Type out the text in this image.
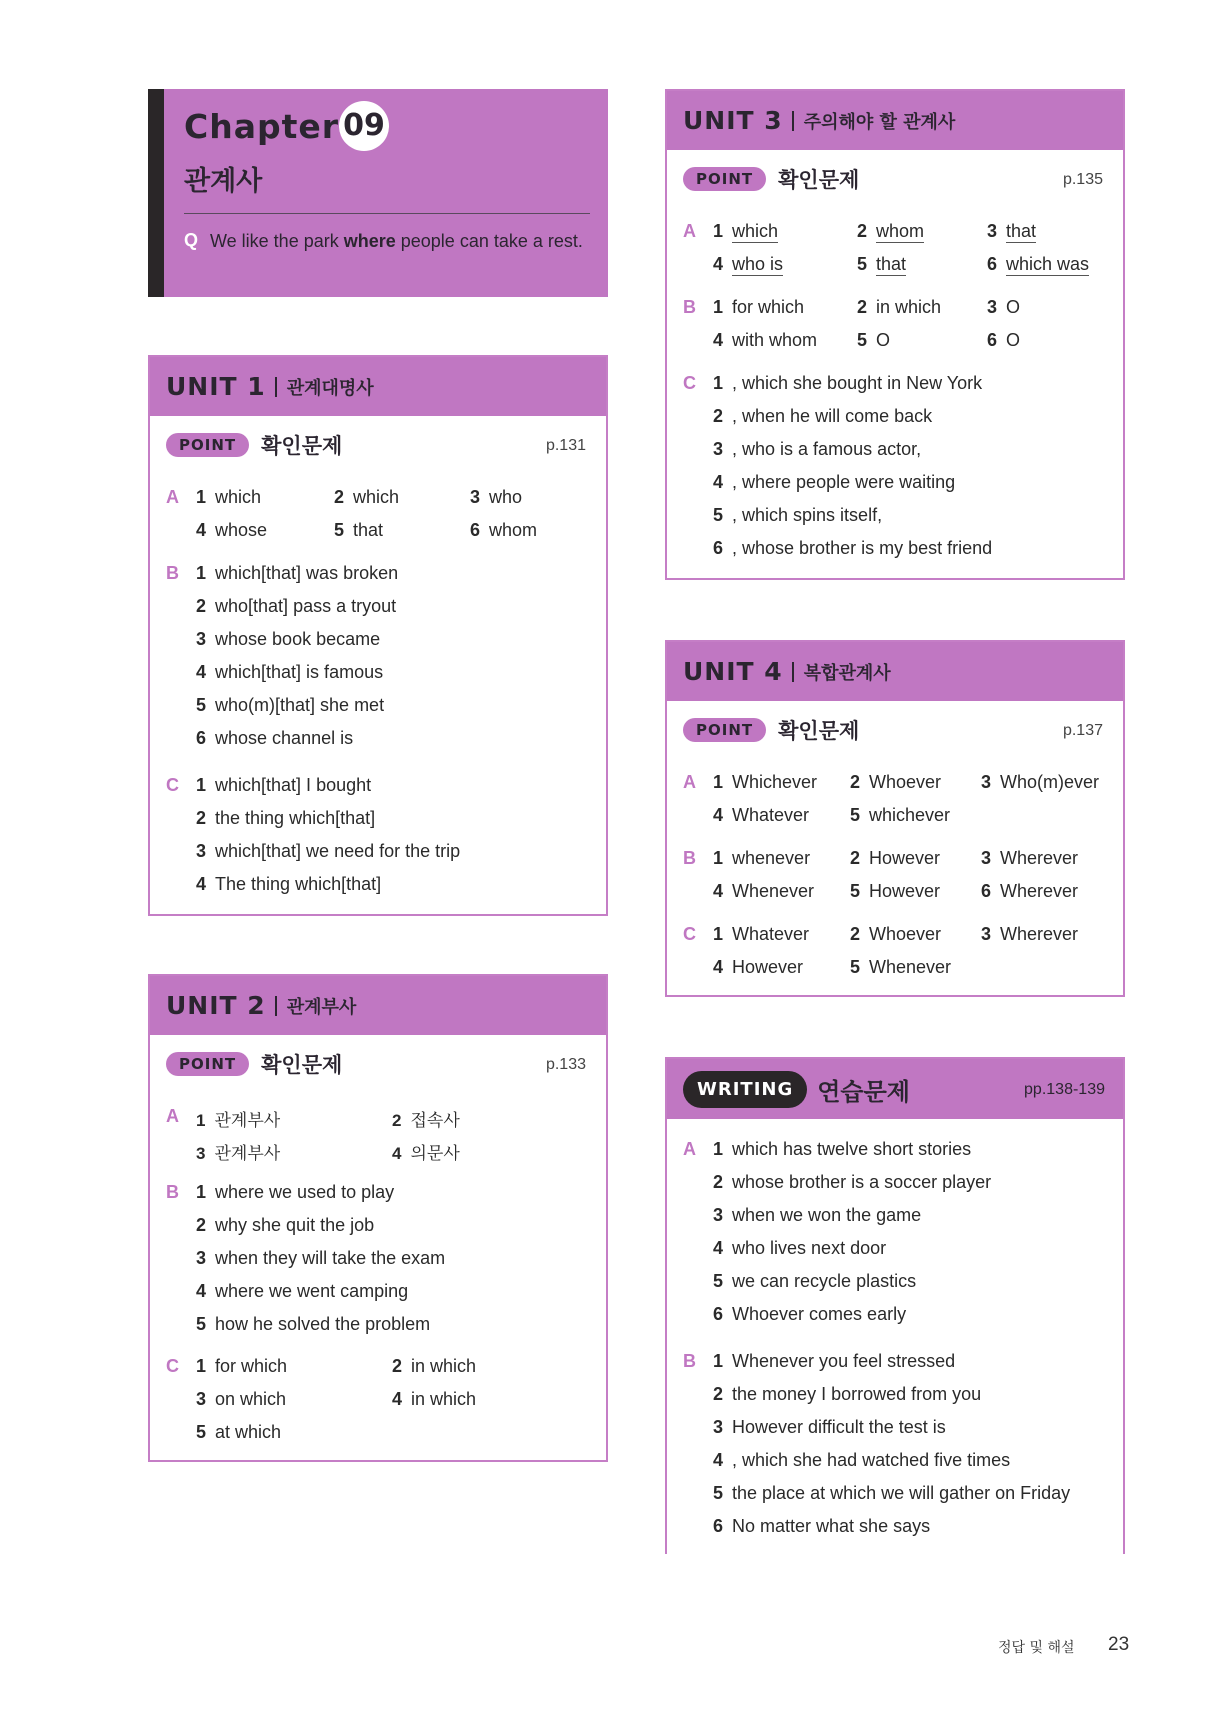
Chapter 09
관계사
Q We like the park where people can take a rest.
UNIT 1 관계대명사
POINT	확인문제	p.131
A 1 which	2 which	3 who
4 whose	5 that	6 whom
B 1 which[that] was broken
2 who[that] pass a tryout
3 whose book became
4 which[that] is famous
5 who(m)[that] she met
6 whose channel is
C 1 which[that] I bought
2 the thing which[that]
3 which[that] we need for the trip
4 The thing which[that]
UNIT 2 관계부사
POINT	확인문제	p.133
A 1 관계부사	2 접속사
3 관계부사	4 의문사
B 1 where we used to play
2 why she quit the job
3 when they will take the exam
4 where we went camping
5 how he solved the problem
C 1 for which	2 in which
3 on which	4 in which
5 at which
UNIT 3 주의해야 할 관계사
POINT	확인문제	p.135
A 1 which	2 whom	3 that
4 who is	5 that	6 which was
B 1 for which	2 in which	3 O
4 with whom 5 O	6 O
C 1 , which she bought in New York
2 , when he will come back
3 , who is a famous actor,
4 , where people were waiting
5 , which spins itself,
6 , whose brother is my best friend
UNIT 4 복합관계사
POINT	확인문제	p.137
A 1 Whichever 2 Whoever 3 Who(m)ever
4 Whatever 5 whichever
B 1 whenever 2 However 3 Wherever
4 Whenever 5 However 6 Wherever
C 1 Whatever 2 Whoever 3 Wherever
4 However	5 Whenever
WRITING	연습문제	pp.138-139
A 1 which has twelve short stories
2 whose brother is a soccer player
3 when we won the game
4 who lives next door
5 we can recycle plastics
6 Whoever comes early
B 1 Whenever you feel stressed
2 the money I borrowed from you
3 However difficult the test is
4 , which she had watched five times
5 the place at which we will gather on Friday
6 No matter what she says
정답 및 해설 23
